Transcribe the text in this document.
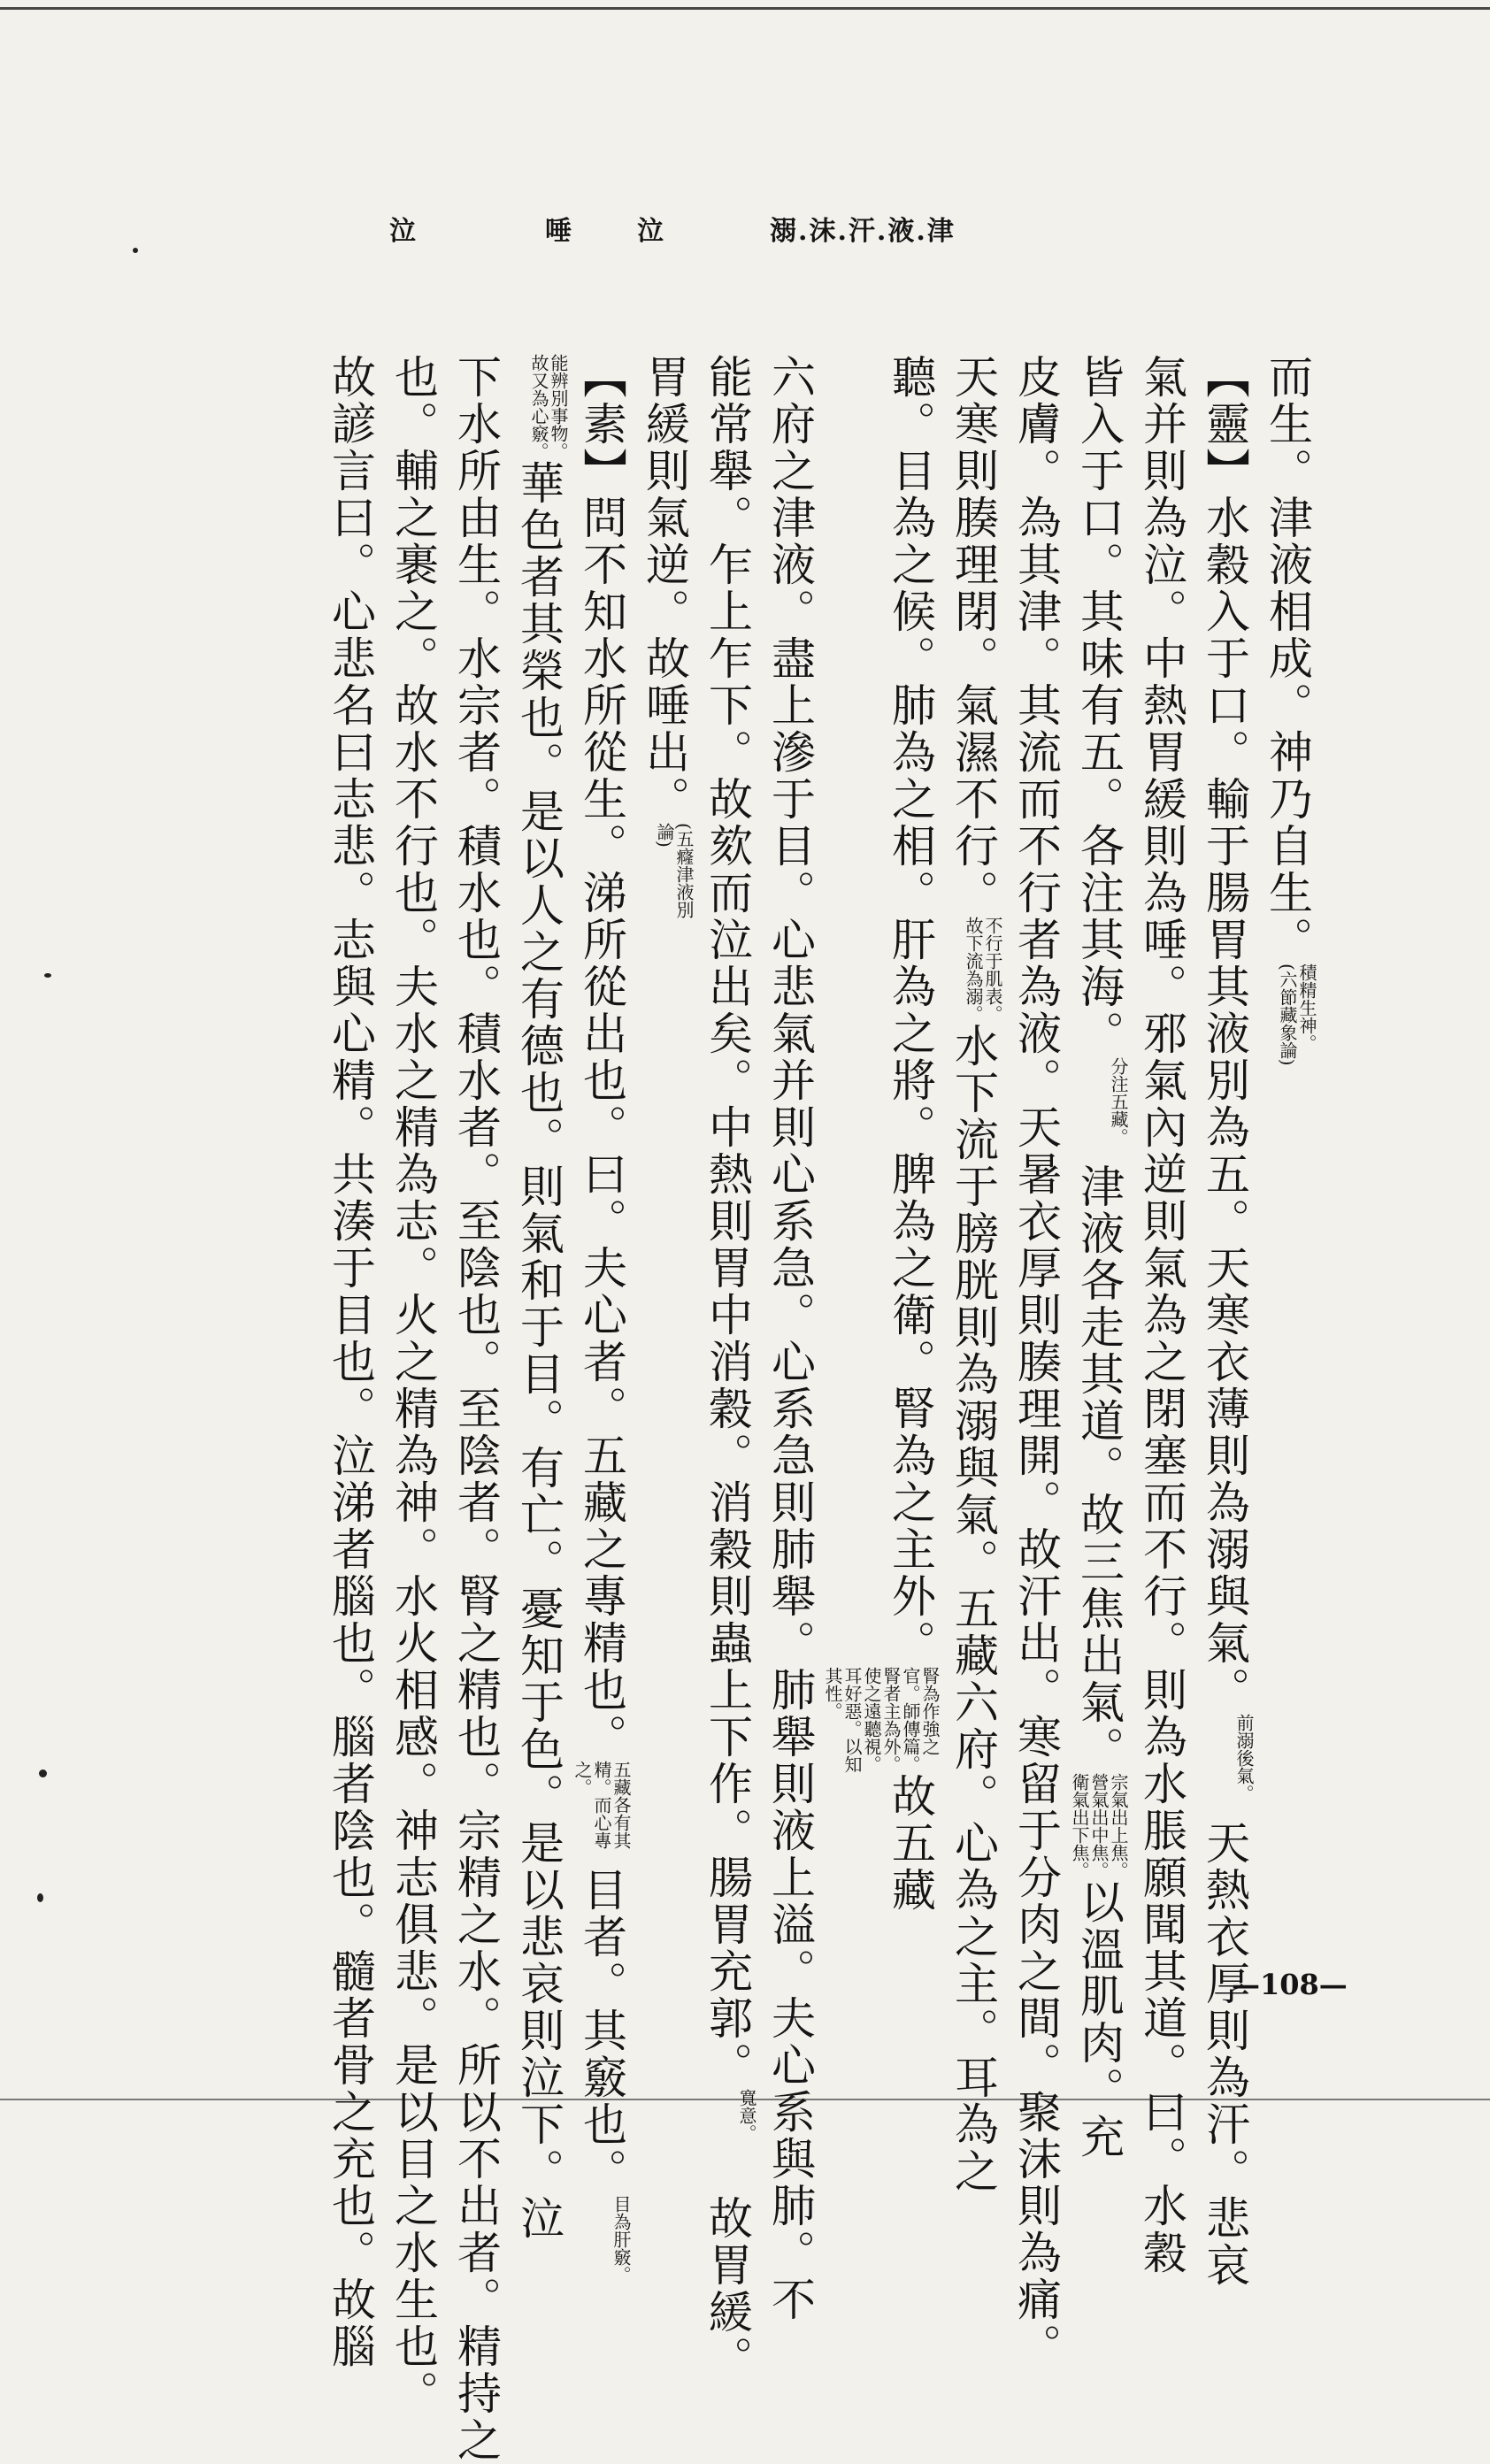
泣	唾 泣	溺.沫.汗.液.津
而生。津液相成。神乃自生。積精生神。(六節藏象論)
【靈】水穀入于口。輸于腸胃其液別為五。天寒衣薄則為溺與氣。前溺後氣。天熱衣厚則為汗。悲哀
氣并則為泣。中熱胃緩則為唾。邪氣內逆則氣為之閉塞而不行。則為水脹願聞其道。曰。水穀
皆入于口。其味有五。各注其海。分注五藏。津液各走其道。故三焦出氣。宗氣出上焦。營氣出中焦。衛氣出下焦。以溫肌肉。充
皮膚。為其津。其流而不行者為液。天暑衣厚則腠理開。故汗出。寒留于分肉之間。聚沫則為痛。
天寒則腠理閉。氣濕不行。不行于肌表。故下流為溺。水下流于膀胱則為溺與氣。五藏六府。心為之主。耳為之
聽。目為之候。肺為之相。肝為之將。脾為之衛。腎為之主外。腎為作強之官。師傳篇。腎者主為外。使之遠聽視。耳好惡。以知其性。故五藏
六府之津液。盡上滲于目。心悲氣并則心系急。心系急則肺舉。肺舉則液上溢。夫心系與肺。不
能常舉。乍上乍下。故欬而泣出矣。中熱則胃中消穀。消穀則蟲上下作。腸胃充郭。寬意。故胃緩。
胃緩則氣逆。故唾出。(五癃津液別論)
【素】問不知水所從生。涕所從出也。曰。夫心者。五藏之專精也。五藏各有其精。而心專之。目者。其竅也。目為肝竅。
能辨別事物。故又為心竅。華色者其榮也。是以人之有德也。則氣和于目。有亡。憂知于色。是以悲哀則泣下。泣
下水所由生。水宗者。積水也。積水者。至陰也。至陰者。腎之精也。宗精之水。所以不出者。精持之
也。輔之裹之。故水不行也。夫水之精為志。火之精為神。水火相感。神志俱悲。是以目之水生也。
故諺言曰。心悲名曰志悲。志與心精。共湊于目也。泣涕者腦也。腦者陰也。髓者骨之充也。故腦	—108—
